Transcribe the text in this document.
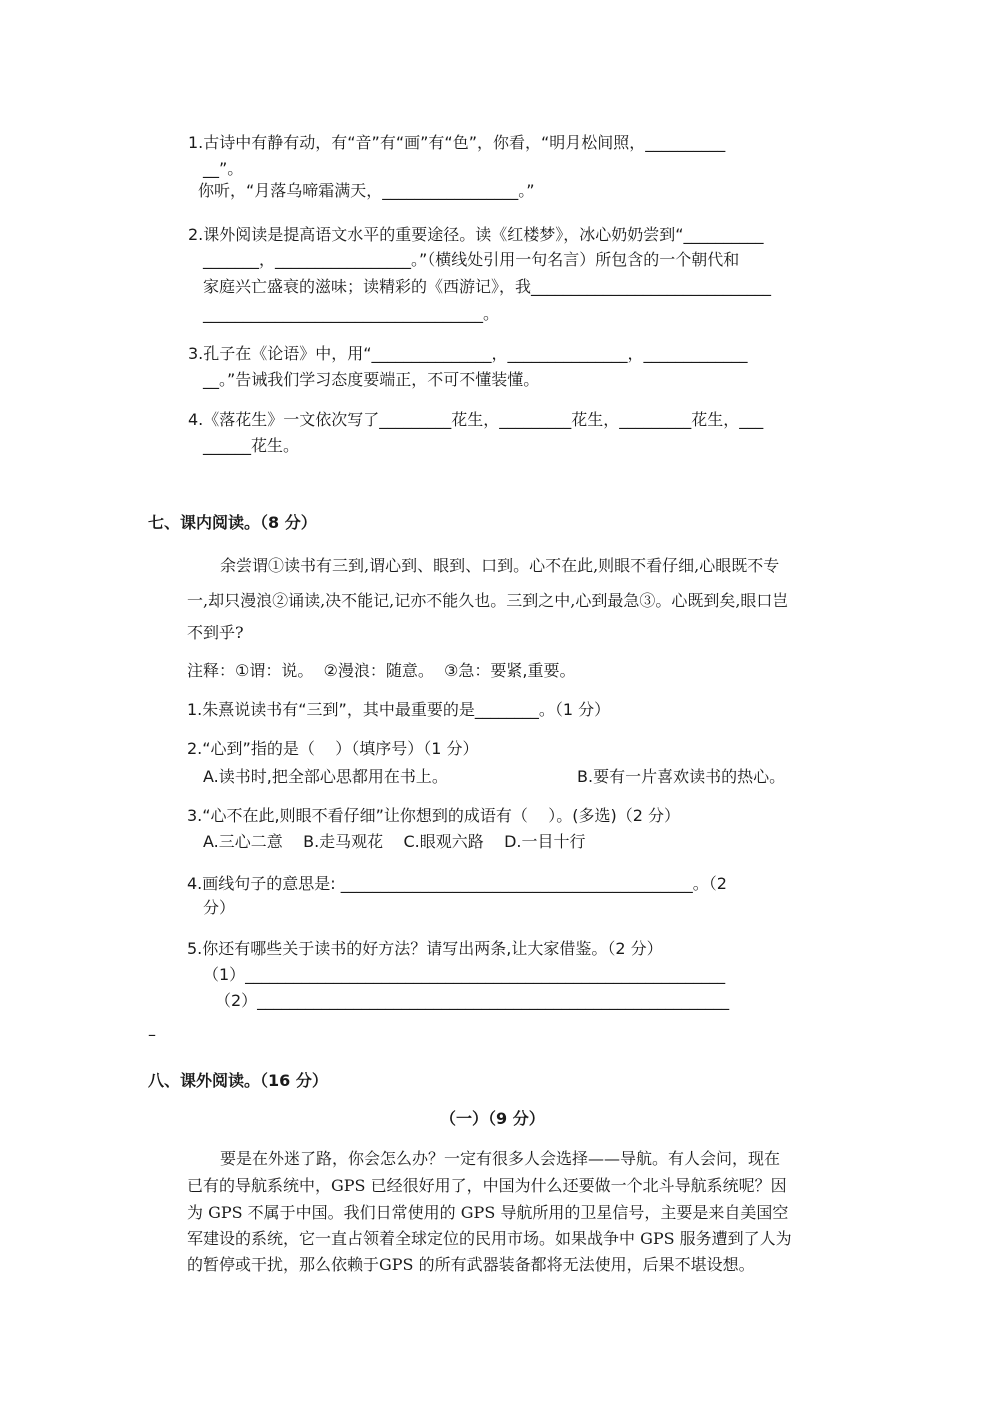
1.古诗中有静有动，有“音”有“画”有“色”，你看，“明月松间照，__________
__”。
你听，“月落乌啼霜满天，_________________。”
2.课外阅读是提高语文水平的重要途径。读《红楼梦》，冰心奶奶尝到“__________
_______，_________________。”（横线处引用一句名言）所包含的一个朝代和
家庭兴亡盛衰的滋味；读精彩的《西游记》，我______________________________
___________________________________。
3.孔子在《论语》中，用“_______________，_______________，_____________
__。”告诫我们学习态度要端正，不可不懂装懂。
4.《落花生》一文依次写了_________花生，_________花生，_________花生，___
______花生。
七、课内阅读。（8 分）
余尝谓①读书有三到,谓心到、眼到、口到。心不在此,则眼不看仔细,心眼既不专
一,却只漫浪②诵读,决不能记,记亦不能久也。三到之中,心到最急③。心既到矣,眼口岂
不到乎?
注释：①谓：说。  ②漫浪：随意。  ③急：要紧,重要。
1.朱熹说读书有“三到”，其中最重要的是________。（1 分）
2.“心到”指的是（    ）（填序号）（1 分）
A.读书时,把全部心思都用在书上。	B.要有一片喜欢读书的热心。
3.“心不在此,则眼不看仔细”让你想到的成语有（    ）。(多选)（2 分）
A.三心二意    B.走马观花    C.眼观六路    D.一目十行
4.画线句子的意思是: ____________________________________________。（2
分）
5.你还有哪些关于读书的好方法？请写出两条,让大家借鉴。（2 分）
（1）____________________________________________________________
（2）___________________________________________________________
–
八、课外阅读。（16 分）
（一）（9 分）
要是在外迷了路，你会怎么办？一定有很多人会选择——导航。有人会问，现在
已有的导航系统中，GPS 已经很好用了，中国为什么还要做一个北斗导航系统呢？因
为 GPS 不属于中国。我们日常使用的 GPS 导航所用的卫星信号，主要是来自美国空
军建设的系统，它一直占领着全球定位的民用市场。如果战争中 GPS 服务遭到了人为
的暂停或干扰，那么依赖于GPS 的所有武器装备都将无法使用，后果不堪设想。
